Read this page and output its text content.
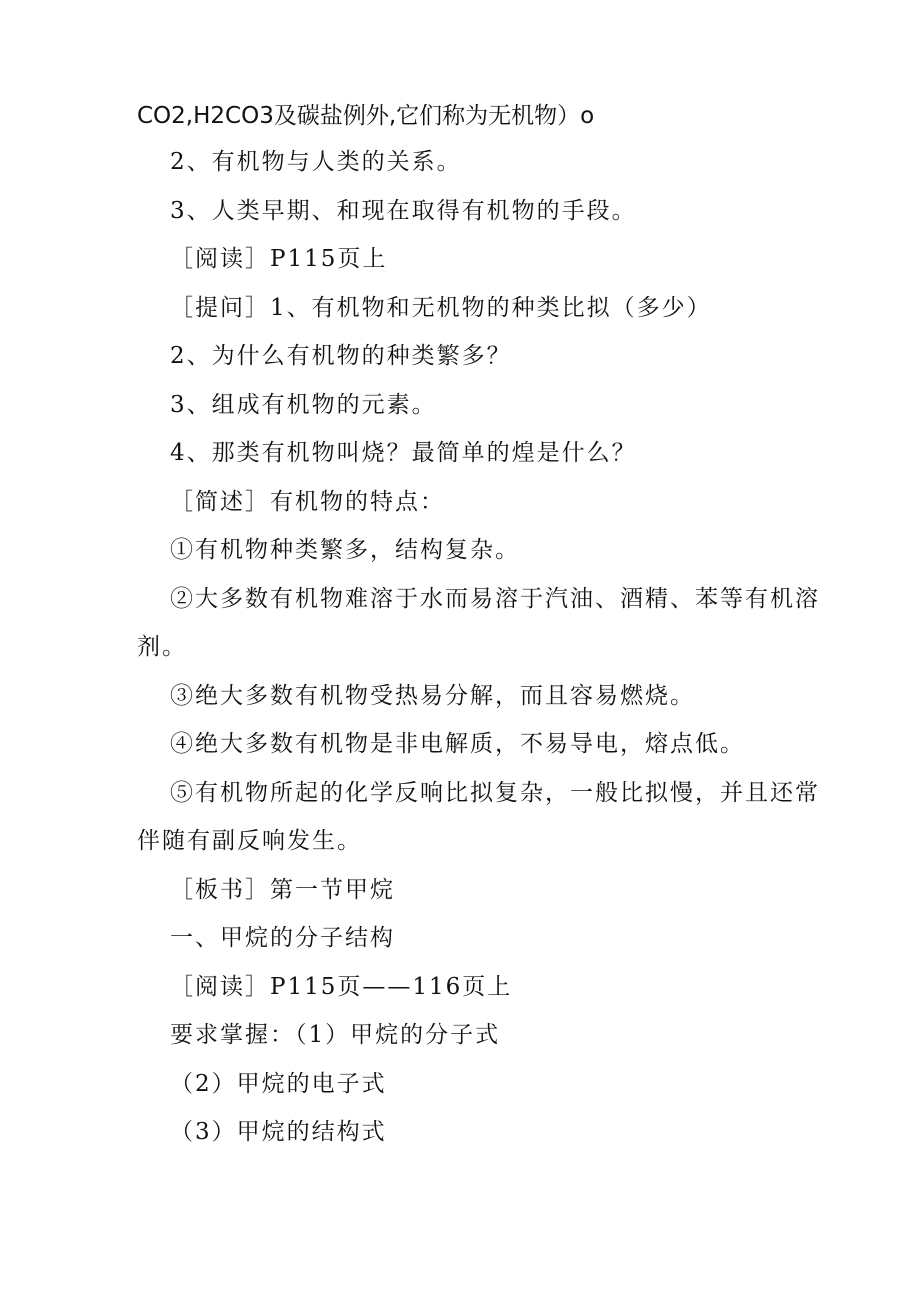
CO2,H2CO3及碳盐例外,它们称为无机物）o
2、有机物与人类的关系。
3、人类早期、和现在取得有机物的手段。
［阅读］P115页上
［提问］1、有机物和无机物的种类比拟（多少）
2、为什么有机物的种类繁多？
3、组成有机物的元素。
4、那类有机物叫烧？最简单的煌是什么？
［简述］有机物的特点：
①有机物种类繁多，结构复杂。
②大多数有机物难溶于水而易溶于汽油、酒精、苯等有机溶
剂。
③绝大多数有机物受热易分解，而且容易燃烧。
④绝大多数有机物是非电解质，不易导电，熔点低。
⑤有机物所起的化学反响比拟复杂，一般比拟慢，并且还常
伴随有副反响发生。
［板书］第一节甲烷
一、甲烷的分子结构
［阅读］P115页——116页上
要求掌握：（1）甲烷的分子式
（2）甲烷的电子式
（3）甲烷的结构式
